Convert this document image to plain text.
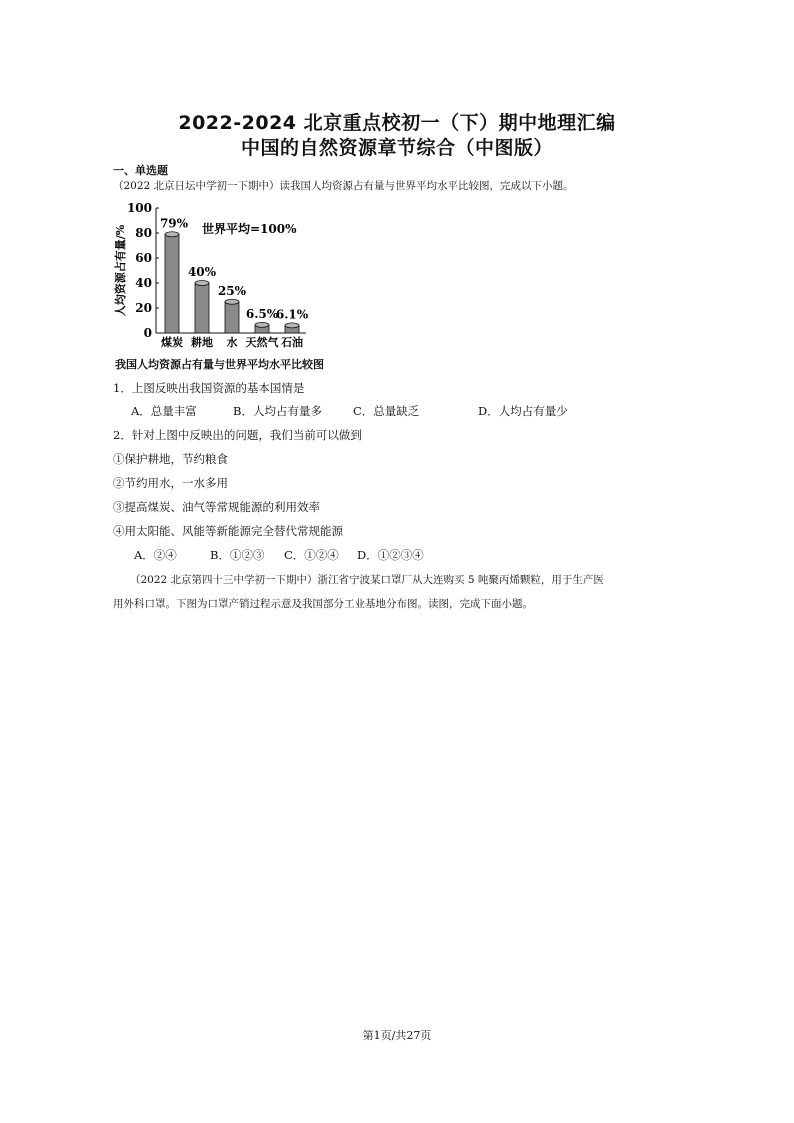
2022-2024 北京重点校初一（下）期中地理汇编
中国的自然资源章节综合（中图版）
一、单选题
（2022 北京日坛中学初一下期中）读我国人均资源占有量与世界平均水平比较图，完成以下小题。
人均资源占有量/%
0
20
40
60
80
100
79%
煤炭
40%
耕地
25%
水
6.5%
天然气
6.1%
石油
世界平均=100%
我国人均资源占有量与世界平均水平比较图
1．上图反映出我国资源的基本国情是
A．总量丰富	B．人均占有量多	C．总量缺乏	D．人均占有量少
2．针对上图中反映出的问题，我们当前可以做到
①保护耕地，节约粮食
②节约用水，一水多用
③提高煤炭、油气等常规能源的利用效率
④用太阳能、风能等新能源完全替代常规能源
A．②④	B．①②③ C．①②④ D．①②③④
（2022 北京第四十三中学初一下期中）浙江省宁波某口罩厂从大连购买 5 吨聚丙烯颗粒，用于生产医
用外科口罩。下图为口罩产销过程示意及我国部分工业基地分布图。读图，完成下面小题。
第1页/共27页
